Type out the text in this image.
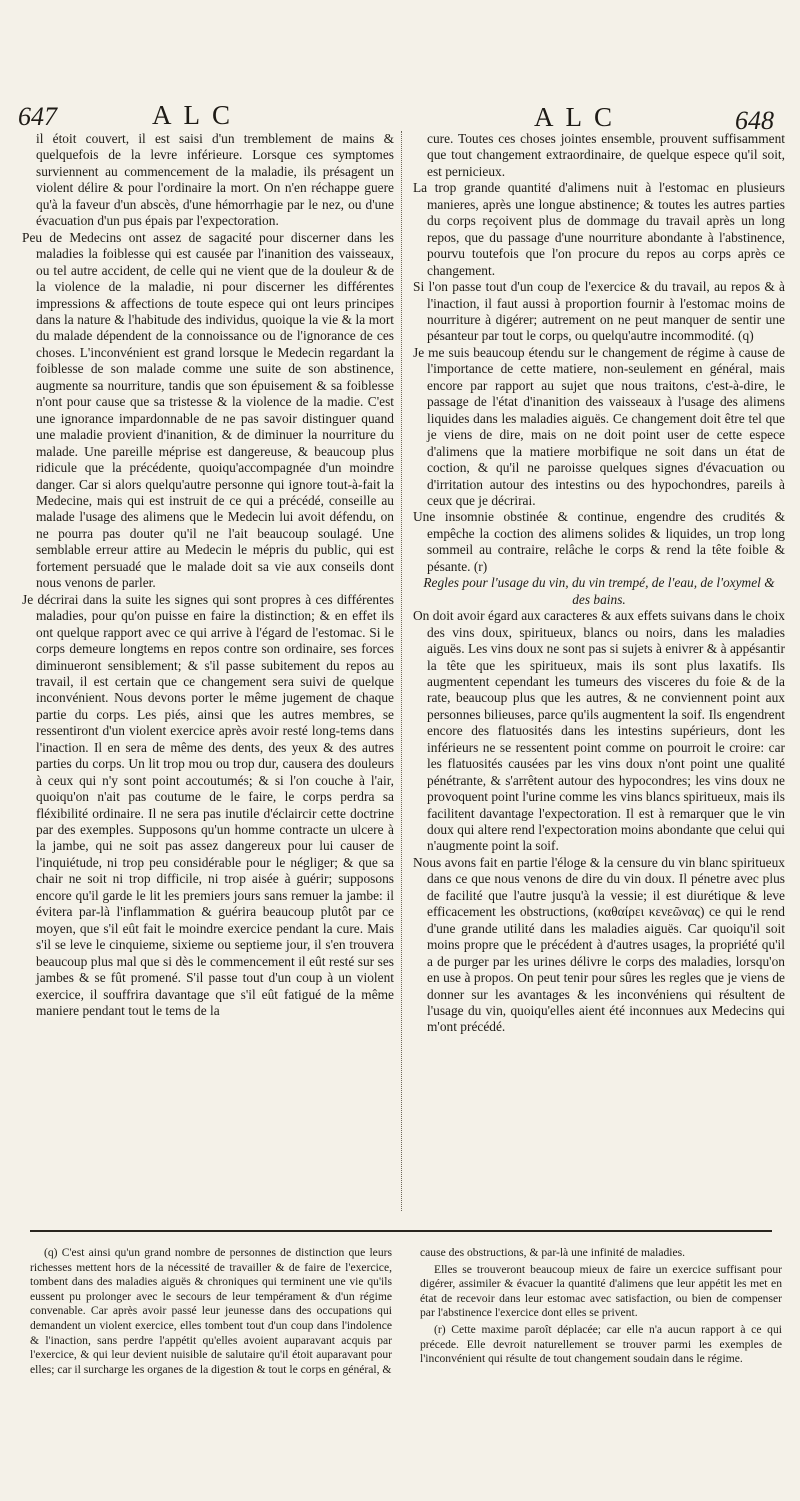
647	ALC	ALC	648

il étoit couvert, il est saisi d'un tremblement de mains & quelquefois de la levre inférieure. Lorsque ces symptomes surviennent au commencement de la maladie, ils présagent un violent délire & pour l'ordinaire la mort. On n'en réchappe guere qu'à la faveur d'un abscès, d'une hémorrhagie par le nez, ou d'une évacuation d'un pus épais par l'expectoration.

Peu de Medecins ont assez de sagacité pour discerner dans les maladies la foiblesse qui est causée par l'inanition des vaisseaux, ou tel autre accident, de celle qui ne vient que de la douleur & de la violence de la maladie, ni pour discerner les différentes impressions & affections de toute espece qui ont leurs principes dans la nature & l'habitude des individus, quoique la vie & la mort du malade dépendent de la connoissance ou de l'ignorance de ces choses. L'inconvénient est grand lorsque le Medecin regardant la foiblesse de son malade comme une suite de son abstinence, augmente sa nourriture, tandis que son épuisement & sa foiblesse n'ont pour cause que sa tristesse & la violence de la madie. C'est une ignorance impardonnable de ne pas savoir distinguer quand une maladie provient d'inanition, & de diminuer la nourriture du malade. Une pareille méprise est dangereuse, & beaucoup plus ridicule que la précédente, quoiqu'accompagnée d'un moindre danger. Car si alors quelqu'autre personne qui ignore tout-à-fait la Medecine, mais qui est instruit de ce qui a précédé, conseille au malade l'usage des alimens que le Medecin lui avoit défendu, on ne pourra pas douter qu'il ne l'ait beaucoup soulagé. Une semblable erreur attire au Medecin le mépris du public, qui est fortement persuadé que le malade doit sa vie aux conseils dont nous venons de parler.

Je décrirai dans la suite les signes qui sont propres à ces différentes maladies, pour qu'on puisse en faire la distinction; & en effet ils ont quelque rapport avec ce qui arrive à l'égard de l'estomac. Si le corps demeure longtems en repos contre son ordinaire, ses forces diminueront sensiblement; & s'il passe subitement du repos au travail, il est certain que ce changement sera suivi de quelque inconvénient. Nous devons porter le même jugement de chaque partie du corps. Les piés, ainsi que les autres membres, se ressentiront d'un violent exercice après avoir resté long-tems dans l'inaction. Il en sera de même des dents, des yeux & des autres parties du corps. Un lit trop mou ou trop dur, causera des douleurs à ceux qui n'y sont point accoutumés; & si l'on couche à l'air, quoiqu'on n'ait pas coutume de le faire, le corps perdra sa fléxibilité ordinaire. Il ne sera pas inutile d'éclaircir cette doctrine par des exemples. Supposons qu'un homme contracte un ulcere à la jambe, qui ne soit pas assez dangereux pour lui causer de l'inquiétude, ni trop peu considérable pour le négliger; & que sa chair ne soit ni trop difficile, ni trop aisée à guérir; supposons encore qu'il garde le lit les premiers jours sans remuer la jambe: il évitera par-là l'inflammation & guérira beaucoup plutôt par ce moyen, que s'il eût fait le moindre exercice pendant la cure. Mais s'il se leve le cinquieme, sixieme ou septieme jour, il s'en trouvera beaucoup plus mal que si dès le commencement il eût resté sur ses jambes & se fût promené. S'il passe tout d'un coup à un violent exercice, il souffrira davantage que s'il eût fatigué de la même maniere pendant tout le tems de la

cure. Toutes ces choses jointes ensemble, prouvent suffisamment que tout changement extraordinaire, de quelque espece qu'il soit, est pernicieux.

La trop grande quantité d'alimens nuit à l'estomac en plusieurs manieres, après une longue abstinence; & toutes les autres parties du corps reçoivent plus de dommage du travail après un long repos, que du passage d'une nourriture abondante à l'abstinence, pourvu toutefois que l'on procure du repos au corps après ce changement.

Si l'on passe tout d'un coup de l'exercice & du travail, au repos & à l'inaction, il faut aussi à proportion fournir à l'estomac moins de nourriture à digérer; autrement on ne peut manquer de sentir une pésanteur par tout le corps, ou quelqu'autre incommodité. (q)

Je me suis beaucoup étendu sur le changement de régime à cause de l'importance de cette matiere, non-seulement en général, mais encore par rapport au sujet que nous traitons, c'est-à-dire, le passage de l'état d'inanition des vaisseaux à l'usage des alimens liquides dans les maladies aiguës. Ce changement doit être tel que je viens de dire, mais on ne doit point user de cette espece d'alimens que la matiere morbifique ne soit dans un état de coction, & qu'il ne paroisse quelques signes d'évacuation ou d'irritation autour des intestins ou des hypochondres, pareils à ceux que je décrirai.

Une insomnie obstinée & continue, engendre des crudités & empêche la coction des alimens solides & liquides, un trop long sommeil au contraire, relâche le corps & rend la tête foible & pésante. (r)

Regles pour l'usage du vin, du vin trempé, de l'eau, de l'oxymel & des bains.

On doit avoir égard aux caracteres & aux effets suivans dans le choix des vins doux, spiritueux, blancs ou noirs, dans les maladies aiguës. Les vins doux ne sont pas si sujets à enivrer & à appésantir la tête que les spiritueux, mais ils sont plus laxatifs. Ils augmentent cependant les tumeurs des visceres du foie & de la rate, beaucoup plus que les autres, & ne conviennent point aux personnes bilieuses, parce qu'ils augmentent la soif. Ils engendrent encore des flatuosités dans les intestins supérieurs, dont les inférieurs ne se ressentent point comme on pourroit le croire: car les flatuosités causées par les vins doux n'ont point une qualité pénétrante, & s'arrêtent autour des hypocondres; les vins doux ne provoquent point l'urine comme les vins blancs spiritueux, mais ils facilitent davantage l'expectoration. Il est à remarquer que le vin doux qui altere rend l'expectoration moins abondante que celui qui n'augmente point la soif.

Nous avons fait en partie l'éloge & la censure du vin blanc spiritueux dans ce que nous venons de dire du vin doux. Il pénetre avec plus de facilité que l'autre jusqu'à la vessie; il est diurétique & leve efficacement les obstructions, (καθαίρει κενεῶνας) ce qui le rend d'une grande utilité dans les maladies aiguës. Car quoiqu'il soit moins propre que le précédent à d'autres usages, la propriété qu'il a de purger par les urines délivre le corps des maladies, lorsqu'on en use à propos. On peut tenir pour sûres les regles que je viens de donner sur les avantages & les inconvéniens qui résultent de l'usage du vin, quoiqu'elles aient été inconnues aux Medecins qui m'ont précédé.

(q) C'est ainsi qu'un grand nombre de personnes de distinction que leurs richesses mettent hors de la nécessité de travailler & de faire de l'exercice, tombent dans des maladies aiguës & chroniques qui terminent une vie qu'ils eussent pu prolonger avec le secours de leur tempérament & d'un régime convenable. Car après avoir passé leur jeunesse dans des occupations qui demandent un violent exercice, elles tombent tout d'un coup dans l'indolence & l'inaction, sans perdre l'appétit qu'elles avoient auparavant acquis par l'exercice, & qui leur devient nuisible de salutaire qu'il étoit auparavant pour elles; car il surcharge les organes de la digestion & tout le corps en général, &

cause des obstructions, & par-là une infinité de maladies.

Elles se trouveront beaucoup mieux de faire un exercice suffisant pour digérer, assimiler & évacuer la quantité d'alimens que leur appétit les met en état de recevoir dans leur estomac avec satisfaction, ou bien de compenser par l'abstinence l'exercice dont elles se privent.

(r) Cette maxime paroît déplacée; car elle n'a aucun rapport à ce qui précede. Elle devroit naturellement se trouver parmi les exemples de l'inconvénient qui résulte de tout changement soudain dans le régime.
